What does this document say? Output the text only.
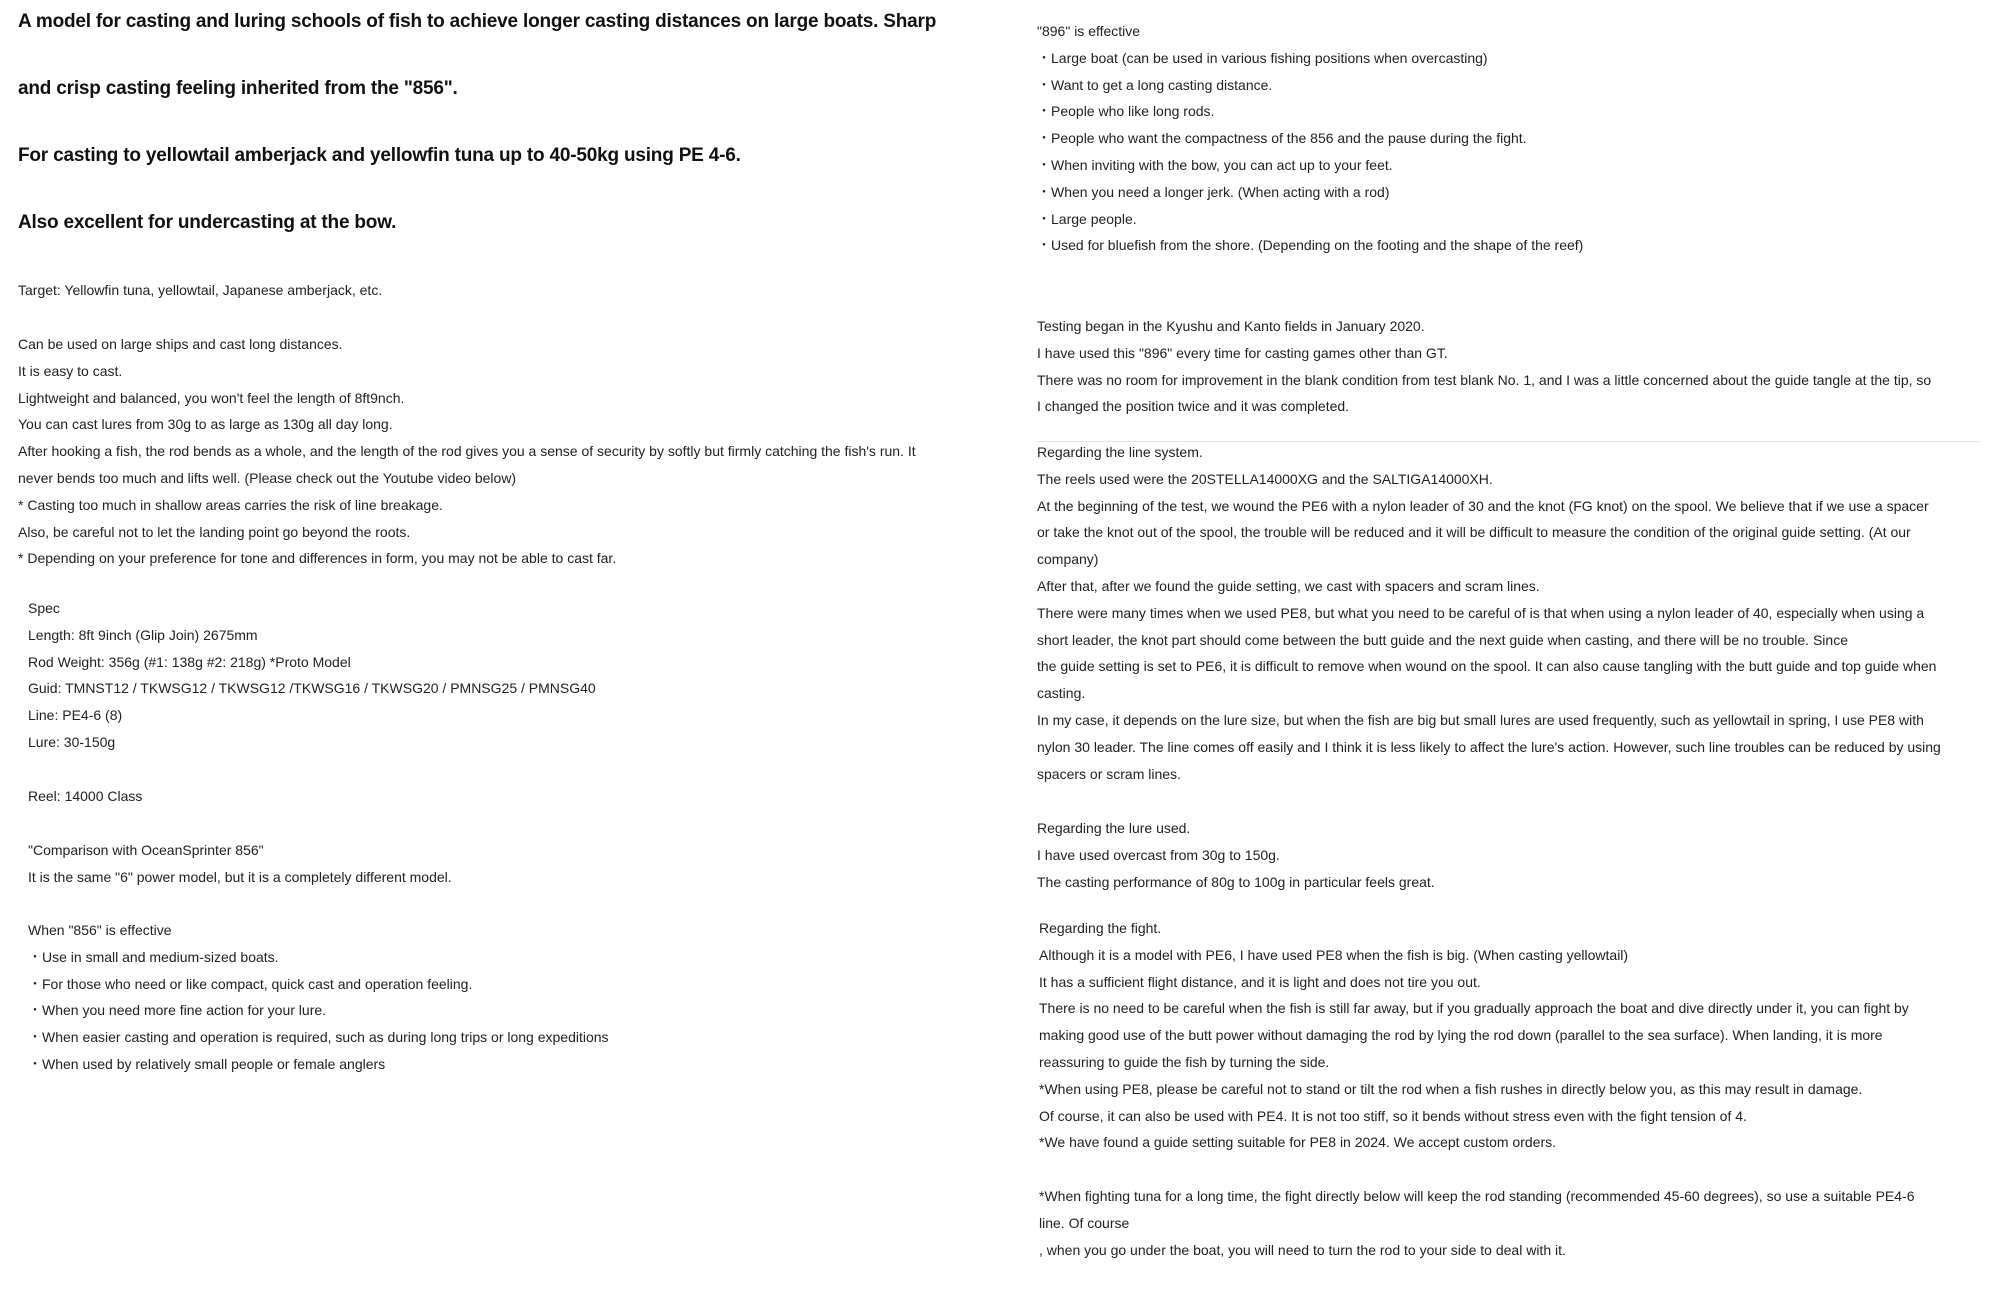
A model for casting and luring schools of fish to achieve longer casting distances on large boats. Sharp

and crisp casting feeling inherited from the "856".

For casting to yellowtail amberjack and yellowfin tuna up to 40-50kg using PE 4-6.

Also excellent for undercasting at the bow.

Target: Yellowfin tuna, yellowtail, Japanese amberjack, etc.

Can be used on large ships and cast long distances.

It is easy to cast.

Lightweight and balanced, you won't feel the length of 8ft9nch.

You can cast lures from 30g to as large as 130g all day long.

After hooking a fish, the rod bends as a whole, and the length of the rod gives you a sense of security by softly but firmly catching the fish's run. It

never bends too much and lifts well. (Please check out the Youtube video below)

* Casting too much in shallow areas carries the risk of line breakage.

Also, be careful not to let the landing point go beyond the roots.

* Depending on your preference for tone and differences in form, you may not be able to cast far.

Spec

Length: 8ft 9inch (Glip Join) 2675mm

Rod Weight: 356g (#1: 138g #2: 218g) *Proto Model

Guid: TMNST12 / TKWSG12 / TKWSG12 /TKWSG16 / TKWSG20 / PMNSG25 / PMNSG40

Line: PE4-6 (8)

Lure: 30-150g

Reel: 14000 Class

"Comparison with OceanSprinter 856"

It is the same "6" power model, but it is a completely different model.

When "856" is effective

・Use in small and medium-sized boats.

・For those who need or like compact, quick cast and operation feeling.

・When you need more fine action for your lure.

・When easier casting and operation is required, such as during long trips or long expeditions

・When used by relatively small people or female anglers

"896" is effective

・Large boat (can be used in various fishing positions when overcasting)

・Want to get a long casting distance.

・People who like long rods.

・People who want the compactness of the 856 and the pause during the fight.

・When inviting with the bow, you can act up to your feet.

・When you need a longer jerk. (When acting with a rod)

・Large people.

・Used for bluefish from the shore. (Depending on the footing and the shape of the reef)

Testing began in the Kyushu and Kanto fields in January 2020.

I have used this "896" every time for casting games other than GT.

There was no room for improvement in the blank condition from test blank No. 1, and I was a little concerned about the guide tangle at the tip, so

I changed the position twice and it was completed.

Regarding the line system.

The reels used were the 20STELLA14000XG and the SALTIGA14000XH.

At the beginning of the test, we wound the PE6 with a nylon leader of 30 and the knot (FG knot) on the spool. We believe that if we use a spacer

or take the knot out of the spool, the trouble will be reduced and it will be difficult to measure the condition of the original guide setting. (At our

company)

After that, after we found the guide setting, we cast with spacers and scram lines.

There were many times when we used PE8, but what you need to be careful of is that when using a nylon leader of 40, especially when using a

short leader, the knot part should come between the butt guide and the next guide when casting, and there will be no trouble. Since

the guide setting is set to PE6, it is difficult to remove when wound on the spool. It can also cause tangling with the butt guide and top guide when

casting.

In my case, it depends on the lure size, but when the fish are big but small lures are used frequently, such as yellowtail in spring, I use PE8 with

nylon 30 leader. The line comes off easily and I think it is less likely to affect the lure's action. However, such line troubles can be reduced by using

spacers or scram lines.

Regarding the lure used.

I have used overcast from 30g to 150g.

The casting performance of 80g to 100g in particular feels great.

Regarding the fight.

Although it is a model with PE6, I have used PE8 when the fish is big. (When casting yellowtail)

It has a sufficient flight distance, and it is light and does not tire you out.

There is no need to be careful when the fish is still far away, but if you gradually approach the boat and dive directly under it, you can fight by

making good use of the butt power without damaging the rod by lying the rod down (parallel to the sea surface). When landing, it is more

reassuring to guide the fish by turning the side.

*When using PE8, please be careful not to stand or tilt the rod when a fish rushes in directly below you, as this may result in damage.

Of course, it can also be used with PE4. It is not too stiff, so it bends without stress even with the fight tension of 4.

*We have found a guide setting suitable for PE8 in 2024. We accept custom orders.

*When fighting tuna for a long time, the fight directly below will keep the rod standing (recommended 45-60 degrees), so use a suitable PE4-6

line. Of course

, when you go under the boat, you will need to turn the rod to your side to deal with it.
